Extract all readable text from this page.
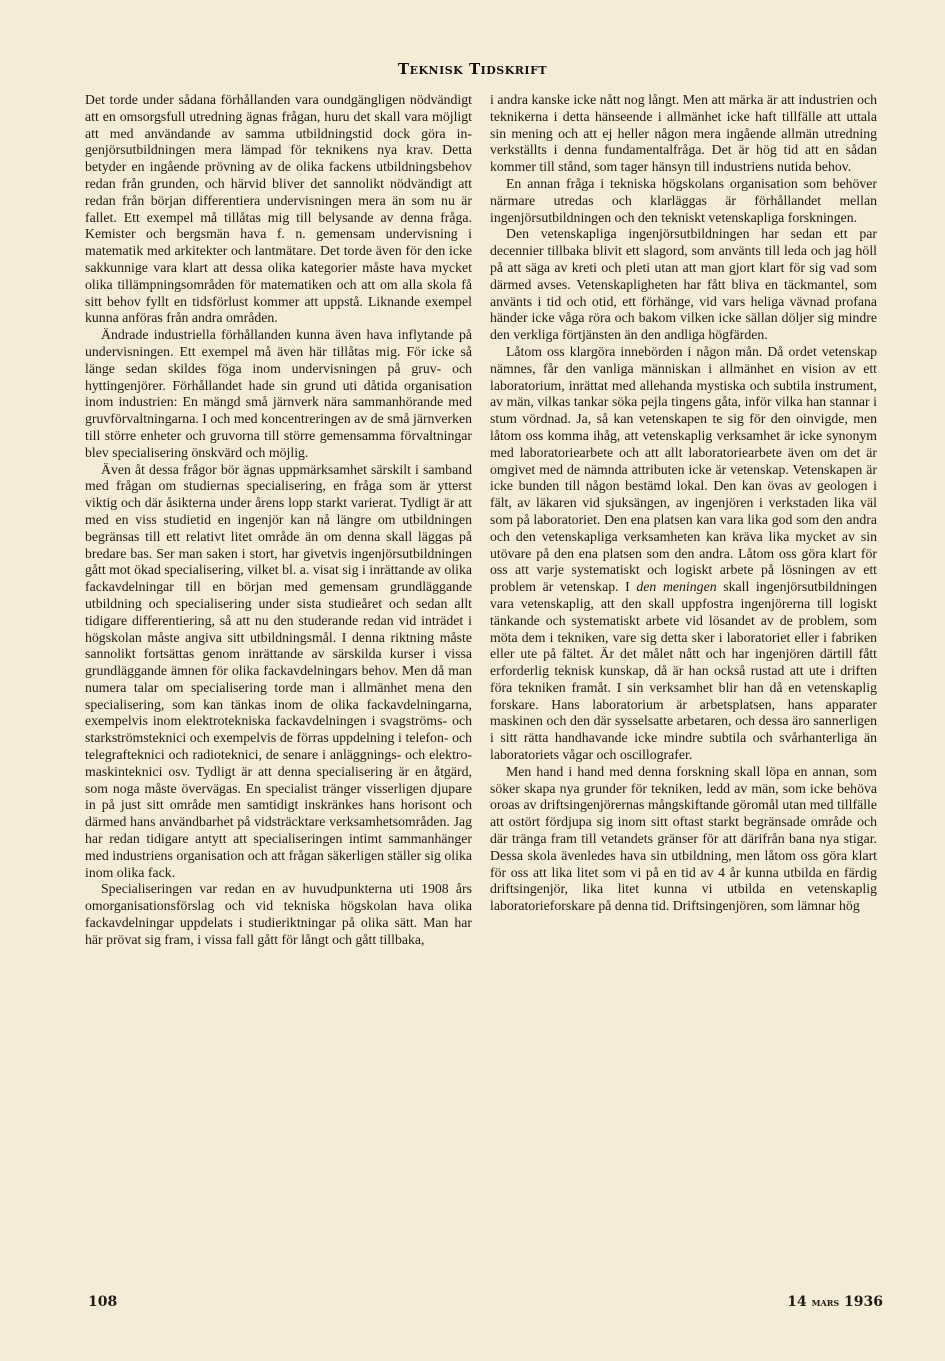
Teknisk Tidskrift

Det torde under sådana förhållanden vara oundgängligen nödvändigt att en omsorgsfull utredning ägnas frågan, huru det skall vara möjligt att med användande av samma utbildningstid dock göra ingenjörsutbildningen mera lämpad för teknikens nya krav. Detta betyder en ingående prövning av de olika fackens utbildningsbehov redan från grunden, och härvid bliver det sannolikt nödvändigt att redan från början differentiera undervisningen mera än som nu är fallet. Ett exempel må tillåtas mig till belysande av denna fråga. Kemister och bergsmän hava f. n. gemensam undervisning i matematik med arkitekter och lantmätare. Det torde även för den icke sakkunnige vara klart att dessa olika kategorier måste hava mycket olika tillämpningsområden för matematiken och att om alla skola få sitt behov fyllt en tidsförlust kommer att uppstå. Liknande exempel kunna anföras från andra områden.

Ändrade industriella förhållanden kunna även hava inflytande på undervisningen. Ett exempel må även här tillåtas mig. För icke så länge sedan skildes föga inom undervisningen på gruv- och hyttingenjörer. Förhållandet hade sin grund uti dåtida organisation inom industrien: En mängd små järnverk nära sammanhörande med gruvförvaltningarna. I och med koncentreringen av de små järnverken till större enheter och gruvorna till större gemensamma förvaltningar blev specialisering önskvärd och möjlig.

Även åt dessa frågor bör ägnas uppmärksamhet särskilt i samband med frågan om studiernas specialisering, en fråga som är ytterst viktig och där åsikterna under årens lopp starkt varierat. Tydligt är att med en viss studietid en ingenjör kan nå längre om utbildningen begränsas till ett relativt litet område än om denna skall läggas på bredare bas. Ser man saken i stort, har givetvis ingenjörsutbildningen gått mot ökad specialisering, vilket bl. a. visat sig i inrättande av olika fackavdelningar till en början med gemensam grundläggande utbildning och specialisering under sista studieåret och sedan allt tidigare differentiering, så att nu den studerande redan vid inträdet i högskolan måste angiva sitt utbildningsmål. I denna riktning måste sannolikt fortsättas genom inrättande av särskilda kurser i vissa grundläggande ämnen för olika fackavdelningars behov. Men då man numera talar om specialisering torde man i allmänhet mena den specialisering, som kan tänkas inom de olika fackavdelningarna, exempelvis inom elektrotekniska fackavdelningen i svagströms- och starkströmsteknici och exempelvis de förras uppdelning i telefon- och telegrafteknici och radioteknici, de senare i anläggnings- och elektromaskinteknici osv. Tydligt är att denna specialisering är en åtgärd, som noga måste övervägas. En specialist tränger visserligen djupare in på just sitt område men samtidigt inskränkes hans horisont och därmed hans användbarhet på vidsträcktare verksamhetsområden. Jag har redan tidigare antytt att specialiseringen intimt sammanhänger med industriens organisation och att frågan säkerligen ställer sig olika inom olika fack.

Specialiseringen var redan en av huvudpunkterna uti 1908 års omorganisationsförslag och vid tekniska högskolan hava olika fackavdelningar uppdelats i studieriktningar på olika sätt. Man har här prövat sig fram, i vissa fall gått för långt och gått tillbaka,

i andra kanske icke nått nog långt. Men att märka är att industrien och teknikerna i detta hänseende i allmänhet icke haft tillfälle att uttala sin mening och att ej heller någon mera ingående allmän utredning verkställts i denna fundamentalfråga. Det är hög tid att en sådan kommer till stånd, som tager hänsyn till industriens nutida behov.

En annan fråga i tekniska högskolans organisation som behöver närmare utredas och klarläggas är förhållandet mellan ingenjörsutbildningen och den tekniskt vetenskapliga forskningen.

Den vetenskapliga ingenjörsutbildningen har sedan ett par decennier tillbaka blivit ett slagord, som använts till leda och jag höll på att säga av kreti och pleti utan att man gjort klart för sig vad som därmed avses. Vetenskapligheten har fått bliva en täckmantel, som använts i tid och otid, ett förhänge, vid vars heliga vävnad profana händer icke våga röra och bakom vilken icke sällan döljer sig mindre den verkliga förtjänsten än den andliga högfärden.

Låtom oss klargöra innebörden i någon mån. Då ordet vetenskap nämnes, får den vanliga människan i allmänhet en vision av ett laboratorium, inrättat med allehanda mystiska och subtila instrument, av män, vilkas tankar söka pejla tingens gåta, inför vilka han stannar i stum vördnad. Ja, så kan vetenskapen te sig för den oinvigde, men låtom oss komma ihåg, att vetenskaplig verksamhet är icke synonym med laboratoriearbete och att allt laboratoriearbete även om det är omgivet med de nämnda attributen icke är vetenskap. Vetenskapen är icke bunden till någon bestämd lokal. Den kan övas av geologen i fält, av läkaren vid sjuksängen, av ingenjören i verkstaden lika väl som på laboratoriet. Den ena platsen kan vara lika god som den andra och den vetenskapliga verksamheten kan kräva lika mycket av sin utövare på den ena platsen som den andra. Låtom oss göra klart för oss att varje systematiskt och logiskt arbete på lösningen av ett problem är vetenskap. I den meningen skall ingenjörsutbildningen vara vetenskaplig, att den skall uppfostra ingenjörerna till logiskt tänkande och systematiskt arbete vid lösandet av de problem, som möta dem i tekniken, vare sig detta sker i laboratoriet eller i fabriken eller ute på fältet. Är det målet nått och har ingenjören därtill fått erforderlig teknisk kunskap, då är han också rustad att ute i driften föra tekniken framåt. I sin verksamhet blir han då en vetenskaplig forskare. Hans laboratorium är arbetsplatsen, hans apparater maskinen och den där sysselsatte arbetaren, och dessa äro sannerligen i sitt rätta handhavande icke mindre subtila och svårhanterliga än laboratoriets vågar och oscillografer.

Men hand i hand med denna forskning skall löpa en annan, som söker skapa nya grunder för tekniken, ledd av män, som icke behöva oroas av driftsingenjörernas mångskiftande göromål utan med tillfälle att ostört fördjupa sig inom sitt oftast starkt begränsade område och där tränga fram till vetandets gränser för att därifrån bana nya stigar. Dessa skola ävenledes hava sin utbildning, men låtom oss göra klart för oss att lika litet som vi på en tid av 4 år kunna utbilda en färdig driftsingenjör, lika litet kunna vi utbilda en vetenskaplig laboratorieforskare på denna tid. Driftsingenjören, som lämnar hög

108	14 mars 1936
